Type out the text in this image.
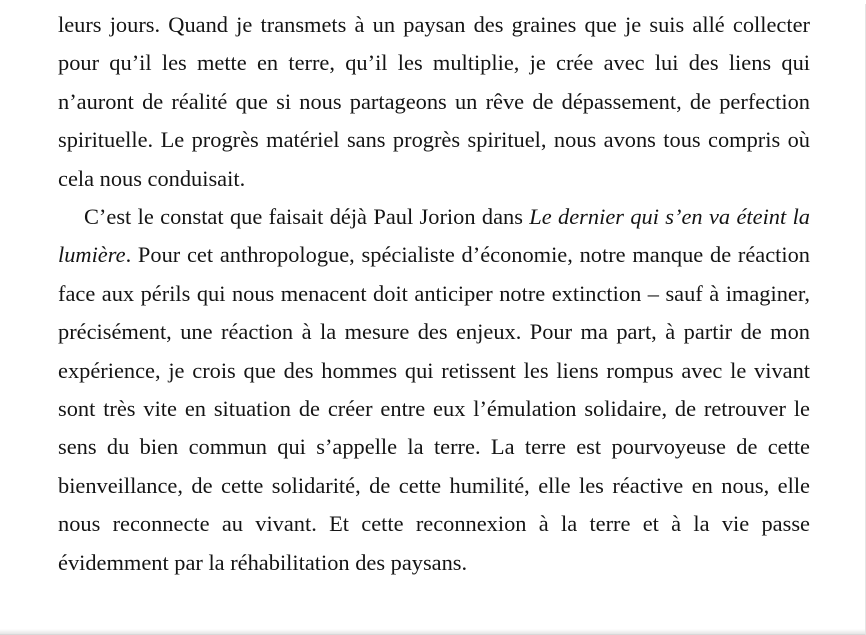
leurs jours. Quand je transmets à un paysan des graines que je suis allé collecter pour qu’il les mette en terre, qu’il les multiplie, je crée avec lui des liens qui n’auront de réalité que si nous partageons un rêve de dépassement, de perfection spirituelle. Le progrès matériel sans progrès spirituel, nous avons tous compris où cela nous conduisait.

C’est le constat que faisait déjà Paul Jorion dans Le dernier qui s’en va éteint la lumière. Pour cet anthropologue, spécialiste d’économie, notre manque de réaction face aux périls qui nous menacent doit anticiper notre extinction – sauf à imaginer, précisément, une réaction à la mesure des enjeux. Pour ma part, à partir de mon expérience, je crois que des hommes qui retissent les liens rompus avec le vivant sont très vite en situation de créer entre eux l’émulation solidaire, de retrouver le sens du bien commun qui s’appelle la terre. La terre est pourvoyeuse de cette bienveillance, de cette solidarité, de cette humilité, elle les réactive en nous, elle nous reconnecte au vivant. Et cette reconnexion à la terre et à la vie passe évidemment par la réhabilitation des paysans.
